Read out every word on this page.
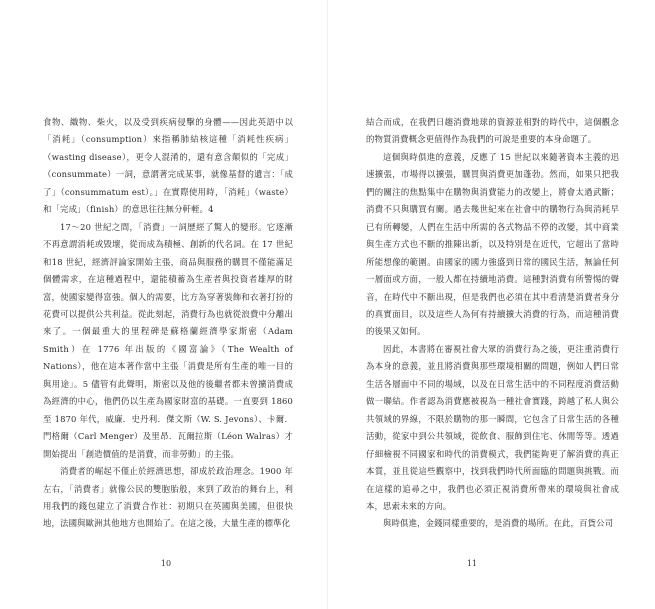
食物、織物、柴火，以及受到疾病侵擊的身體——因此英語中以「消耗」（consumption）來指稱肺結核這種「消耗性疾病」（wasting disease），更令人混淆的，還有意含顛似的「完成」（consummate）一詞，意謂著完成某事，就像基督的遺言：「成了」（consummatum est）。」在實際使用時，「消耗」（waste）和「完成」（finish）的意思往往無分軒輊。4

17～20 世紀之間，「消費」一詞歷經了驚人的變形。它逐漸不再意謂消耗或毀壞，從而成為積極、創新的代名詞。在 17 世紀和18 世紀，經濟評論家開始主張，商品與服務的購買不僅能滿足個體需求，在這種過程中，還能積蓄為生產者與投資者雄厚的財富，使國家變得富強。個人的需要，比方為穿著裝飾和衣著打扮的花費可以提供公共利益。從此刻起，消費行為也就從浪費中分離出來了。一個最重大的里程碑是蘇格蘭經濟學家斯密（Adam Smith）在 1776 年出版的《國富論》（The Wealth of Nations），他在這本著作當中主張「消費是所有生產的唯一目的與用途」。5 儘管有此聲明，斯密以及他的後繼者都未曾擴消費成為經濟的中心，他們仍以生產為國家財富的基礎。一直要到 1860 至 1870 年代，威廉．史丹利．傑文斯（W. S. Jevons）、卡爾．門格爾（Carl Menger）及里昂．瓦爾拉斯（Léon Walras）才開始提出「創造價值的是消費，而非勞動」的主張。

消費者的崛起不僅止於經濟思想，卻成於政治理念。1900 年左右，「消費者」就像公民的雙胞胎般，來到了政治的舞台上，利用我們的錢包建立了消費合作社：初期只在英國與美國，但很快地，法國與歐洲其他地方也開始了。在這之後，大量生產的標準化

10

結合而成，在我們日趨消費地球的資源並相對的時代中，這個觀念的物質消費概念更值得作為我們的可說是重要的本身命題了。

這個與時俱進的意義，反應了 15 世紀以來隨著資本主義的迅速擴張，市場得以擴張，購買與消費更加蓬勃。然而，如果只把我們的關注的焦點集中在購物與消費能力的改變上，將會太過武斷；消費不只與購買有關。過去幾世紀來在社會中的購物行為與消耗早已有所轉變，人們在生活中所需的各式物品不停的改變，其中商業與生產方式也不斷的推陳出新，以及特別是在近代，它超出了當時所能想像的範圍。由國家的國力強盛到日常的國民生活，無論任何一層面或方面，一般人都在持續地消費。這種對消費有所警惕的聲音，在時代中不斷出現，但是我們也必須在其中看清楚消費者身分的真實面目，以及這些人為何有持續擴大消費的行為，而這種消費的後果又如何。

因此，本書將在審視社會大眾的消費行為之後，更注重消費行為本身的意義，並且將消費與那些環境相關的問題，例如人們日常生活各層面中不同的場域，以及在日常生活中的不同程度消費活動做一聯結。作者認為消費應被視為一種社會實踐，跨越了私人與公共領域的界線，不限於購物的那一瞬間，它包含了日常生活的各種活動，從家中到公共領域，從飲食、服飾到住宅、休閒等等。透過仔細檢視不同國家和時代的消費模式，我們能夠更了解消費的真正本質，並且從這些觀察中，找到我們時代所面臨的問題與挑戰。而在這樣的追尋之中，我們也必須正視消費所帶來的環境與社會成本，思索未來的方向。

與時俱進，金錢同樣重要的，是消費的場所。在此，百貨公司

11
